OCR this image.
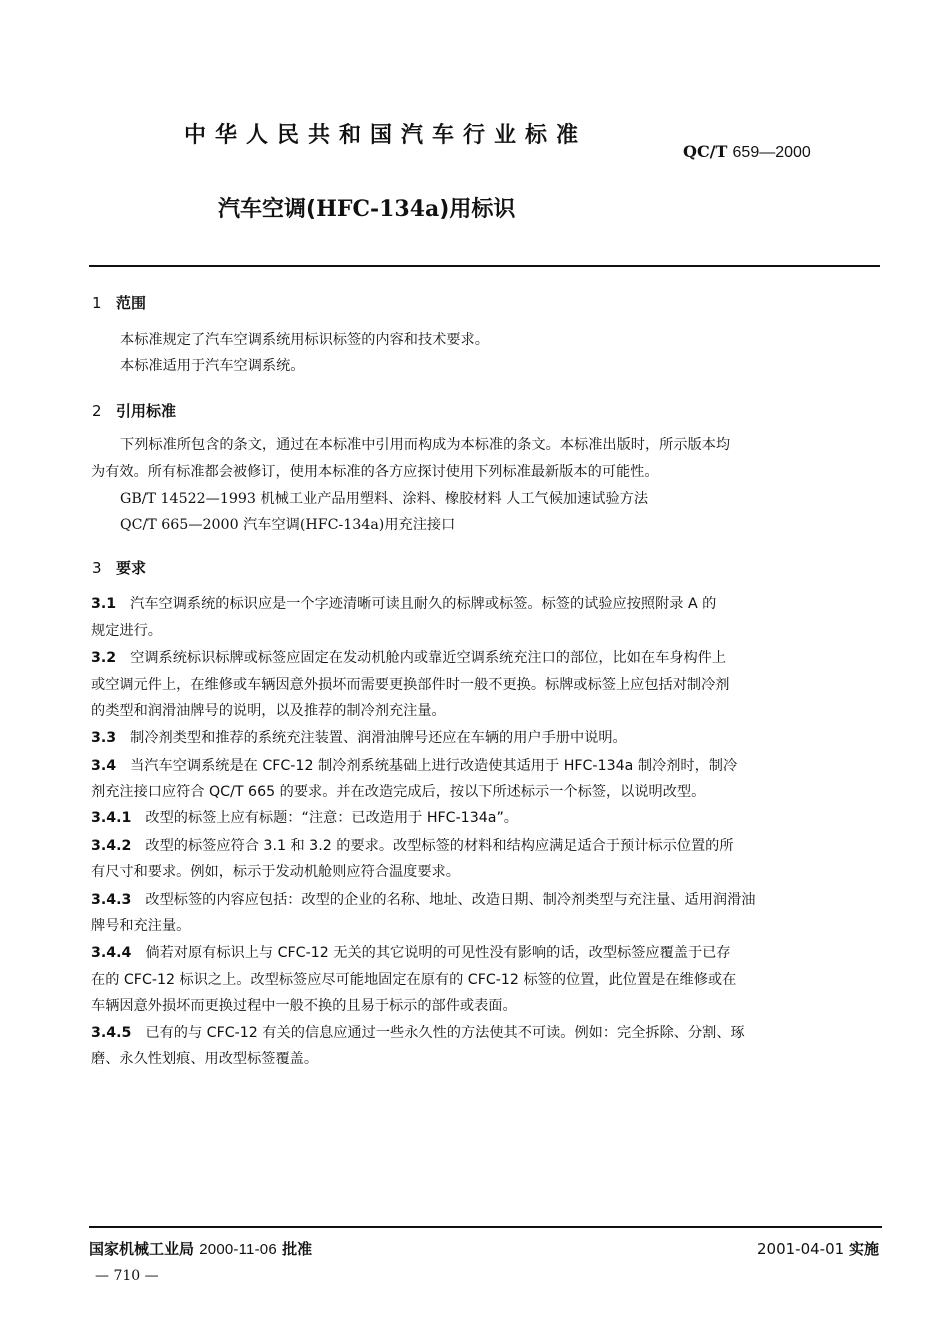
中华人民共和国汽车行业标准
QC/T 659—2000
汽车空调(HFC-134a)用标识
1 范围
本标准规定了汽车空调系统用标识标签的内容和技术要求。
本标准适用于汽车空调系统。
2 引用标准
下列标准所包含的条文，通过在本标准中引用而构成为本标准的条文。本标准出版时，所示版本均
为有效。所有标准都会被修订，使用本标准的各方应探讨使用下列标准最新版本的可能性。
GB/T 14522—1993 机械工业产品用塑料、涂料、橡胶材料 人工气候加速试验方法
QC/T 665—2000 汽车空调(HFC-134a)用充注接口
3 要求
3.1 汽车空调系统的标识应是一个字迹清晰可读且耐久的标牌或标签。标签的试验应按照附录 A 的
规定进行。
3.2 空调系统标识标牌或标签应固定在发动机舱内或靠近空调系统充注口的部位，比如在车身构件上
或空调元件上，在维修或车辆因意外损坏而需要更换部件时一般不更换。标牌或标签上应包括对制冷剂
的类型和润滑油牌号的说明，以及推荐的制冷剂充注量。
3.3 制冷剂类型和推荐的系统充注装置、润滑油牌号还应在车辆的用户手册中说明。
3.4 当汽车空调系统是在 CFC-12 制冷剂系统基础上进行改造使其适用于 HFC-134a 制冷剂时，制冷
剂充注接口应符合 QC/T 665 的要求。并在改造完成后，按以下所述标示一个标签，以说明改型。
3.4.1 改型的标签上应有标题：“注意：已改造用于 HFC-134a”。
3.4.2 改型的标签应符合 3.1 和 3.2 的要求。改型标签的材料和结构应满足适合于预计标示位置的所
有尺寸和要求。例如，标示于发动机舱则应符合温度要求。
3.4.3 改型标签的内容应包括：改型的企业的名称、地址、改造日期、制冷剂类型与充注量、适用润滑油
牌号和充注量。
3.4.4 倘若对原有标识上与 CFC-12 无关的其它说明的可见性没有影响的话，改型标签应覆盖于已存
在的 CFC-12 标识之上。改型标签应尽可能地固定在原有的 CFC-12 标签的位置，此位置是在维修或在
车辆因意外损坏而更换过程中一般不换的且易于标示的部件或表面。
3.4.5 已有的与 CFC-12 有关的信息应通过一些永久性的方法使其不可读。例如：完全拆除、分割、琢
磨、永久性划痕、用改型标签覆盖。
国家机械工业局 2000-11-06 批准	2001-04-01 实施
— 710 —
